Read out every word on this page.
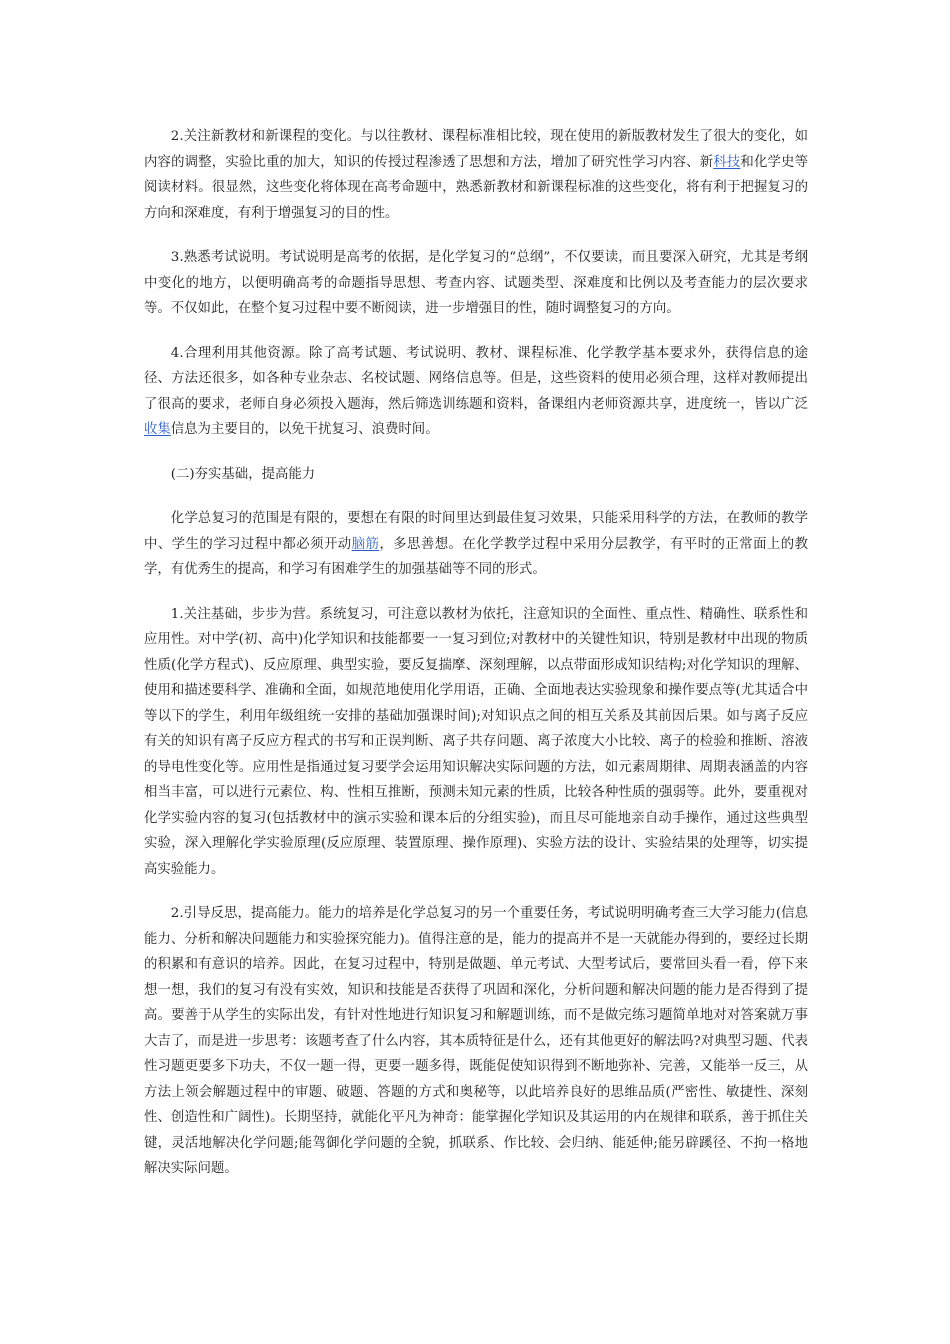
2.关注新教材和新课程的变化。与以往教材、课程标准相比较，现在使用的新版教材发生了很大的变化，如内容的调整，实验比重的加大，知识的传授过程渗透了思想和方法，增加了研究性学习内容、新科技和化学史等阅读材料。很显然，这些变化将体现在高考命题中，熟悉新教材和新课程标准的这些变化，将有利于把握复习的方向和深难度，有利于增强复习的目的性。

3.熟悉考试说明。考试说明是高考的依据，是化学复习的“总纲”，不仅要读，而且要深入研究，尤其是考纲中变化的地方，以便明确高考的命题指导思想、考查内容、试题类型、深难度和比例以及考查能力的层次要求等。不仅如此，在整个复习过程中要不断阅读，进一步增强目的性，随时调整复习的方向。

4.合理利用其他资源。除了高考试题、考试说明、教材、课程标准、化学教学基本要求外，获得信息的途径、方法还很多，如各种专业杂志、名校试题、网络信息等。但是，这些资料的使用必须合理，这样对教师提出了很高的要求，老师自身必须投入题海，然后筛选训练题和资料，备课组内老师资源共享，进度统一，皆以广泛收集信息为主要目的，以免干扰复习、浪费时间。

(二)夯实基础，提高能力

化学总复习的范围是有限的，要想在有限的时间里达到最佳复习效果，只能采用科学的方法，在教师的教学中、学生的学习过程中都必须开动脑筋，多思善想。在化学教学过程中采用分层教学，有平时的正常面上的教学，有优秀生的提高，和学习有困难学生的加强基础等不同的形式。

1.关注基础，步步为营。系统复习，可注意以教材为依托，注意知识的全面性、重点性、精确性、联系性和应用性。对中学(初、高中)化学知识和技能都要一一复习到位;对教材中的关键性知识，特别是教材中出现的物质性质(化学方程式)、反应原理、典型实验，要反复揣摩、深刻理解，以点带面形成知识结构;对化学知识的理解、使用和描述要科学、准确和全面，如规范地使用化学用语，正确、全面地表达实验现象和操作要点等(尤其适合中等以下的学生，利用年级组统一安排的基础加强课时间);对知识点之间的相互关系及其前因后果。如与离子反应有关的知识有离子反应方程式的书写和正误判断、离子共存问题、离子浓度大小比较、离子的检验和推断、溶液的导电性变化等。应用性是指通过复习要学会运用知识解决实际问题的方法，如元素周期律、周期表涵盖的内容相当丰富，可以进行元素位、构、性相互推断，预测未知元素的性质，比较各种性质的强弱等。此外，要重视对化学实验内容的复习(包括教材中的演示实验和课本后的分组实验)，而且尽可能地亲自动手操作，通过这些典型实验，深入理解化学实验原理(反应原理、装置原理、操作原理)、实验方法的设计、实验结果的处理等，切实提高实验能力。

2.引导反思，提高能力。能力的培养是化学总复习的另一个重要任务，考试说明明确考查三大学习能力(信息能力、分析和解决问题能力和实验探究能力)。值得注意的是，能力的提高并不是一天就能办得到的，要经过长期的积累和有意识的培养。因此，在复习过程中，特别是做题、单元考试、大型考试后，要常回头看一看，停下来想一想，我们的复习有没有实效，知识和技能是否获得了巩固和深化，分析问题和解决问题的能力是否得到了提高。要善于从学生的实际出发，有针对性地进行知识复习和解题训练，而不是做完练习题简单地对对答案就万事大吉了，而是进一步思考：该题考查了什么内容，其本质特征是什么，还有其他更好的解法吗?对典型习题、代表性习题更要多下功夫，不仅一题一得，更要一题多得，既能促使知识得到不断地弥补、完善，又能举一反三，从方法上领会解题过程中的审题、破题、答题的方式和奥秘等，以此培养良好的思维品质(严密性、敏捷性、深刻性、创造性和广阔性)。长期坚持，就能化平凡为神奇：能掌握化学知识及其运用的内在规律和联系，善于抓住关键，灵活地解决化学问题;能驾御化学问题的全貌，抓联系、作比较、会归纳、能延伸;能另辟蹊径、不拘一格地解决实际问题。
